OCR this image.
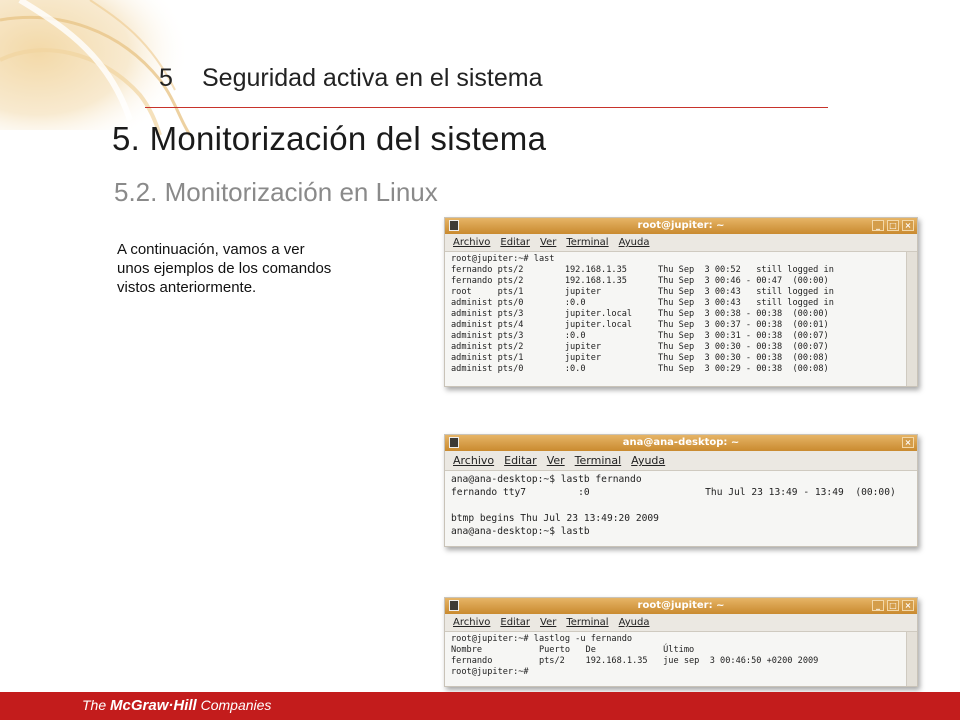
5	Seguridad activa en el sistema
5. Monitorización del sistema
5.2. Monitorización en Linux
A continuación, vamos a ver
unos ejemplos de los comandos
vistos anteriormente.
root@jupiter: ~	_	□ ×
Archivo Editar Ver Terminal Ayuda
root@jupiter:~# last
fernando pts/2        192.168.1.35      Thu Sep  3 00:52   still logged in
fernando pts/2        192.168.1.35      Thu Sep  3 00:46 - 00:47  (00:00)
root     pts/1        jupiter           Thu Sep  3 00:43   still logged in
administ pts/0        :0.0              Thu Sep  3 00:43   still logged in
administ pts/3        jupiter.local     Thu Sep  3 00:38 - 00:38  (00:00)
administ pts/4        jupiter.local     Thu Sep  3 00:37 - 00:38  (00:01)
administ pts/3        :0.0              Thu Sep  3 00:31 - 00:38  (00:07)
administ pts/2        jupiter           Thu Sep  3 00:30 - 00:38  (00:07)
administ pts/1        jupiter           Thu Sep  3 00:30 - 00:38  (00:08)
administ pts/0        :0.0              Thu Sep  3 00:29 - 00:38  (00:08)
ana@ana-desktop: ~	×
Archivo Editar Ver Terminal Ayuda
ana@ana-desktop:~$ lastb fernando
fernando tty7         :0                    Thu Jul 23 13:49 - 13:49  (00:00)
btmp begins Thu Jul 23 13:49:20 2009
ana@ana-desktop:~$ lastb
root@jupiter: ~	_	□ ×
Archivo Editar Ver Terminal Ayuda
root@jupiter:~# lastlog -u fernando
Nombre           Puerto   De             Último
fernando         pts/2    192.168.1.35   jue sep  3 00:46:50 +0200 2009
root@jupiter:~#
The McGraw·Hill Companies
